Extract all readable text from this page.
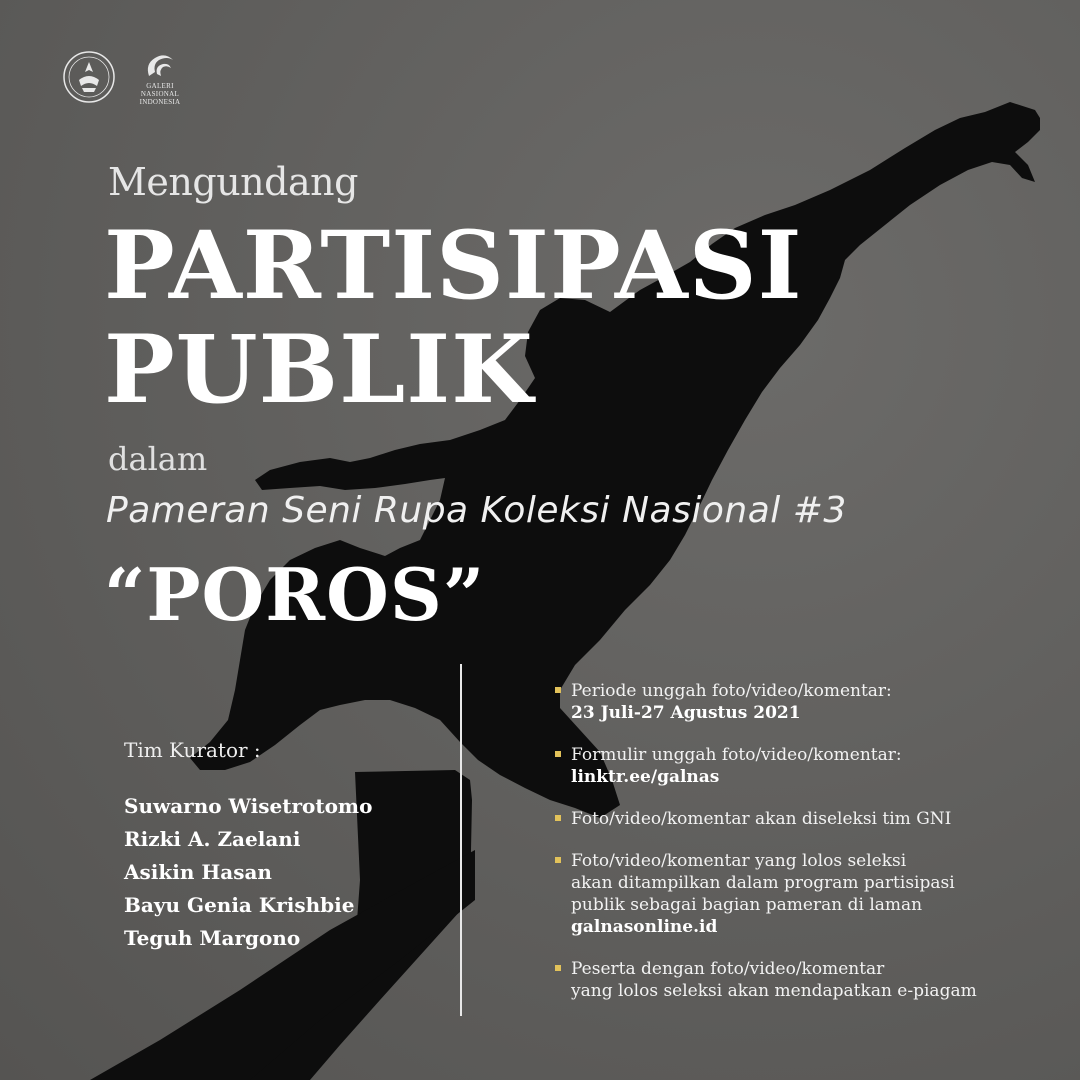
GALERI
NASIONAL
INDONESIA
Mengundang
PARTISIPASI
PUBLIK
dalam
Pameran Seni Rupa Koleksi Nasional #3
“POROS”
Tim Kurator :
Suwarno Wisetrotomo
Rizki A. Zaelani
Asikin Hasan
Bayu Genia Krishbie
Teguh Margono
Periode unggah foto/video/komentar:
23 Juli-27 Agustus 2021
Formulir unggah foto/video/komentar:
linktr.ee/galnas
Foto/video/komentar akan diseleksi tim GNI
Foto/video/komentar yang lolos seleksi
akan ditampilkan dalam program partisipasi
publik sebagai bagian pameran di laman
galnasonline.id
Peserta dengan foto/video/komentar
yang lolos seleksi akan mendapatkan e-piagam
